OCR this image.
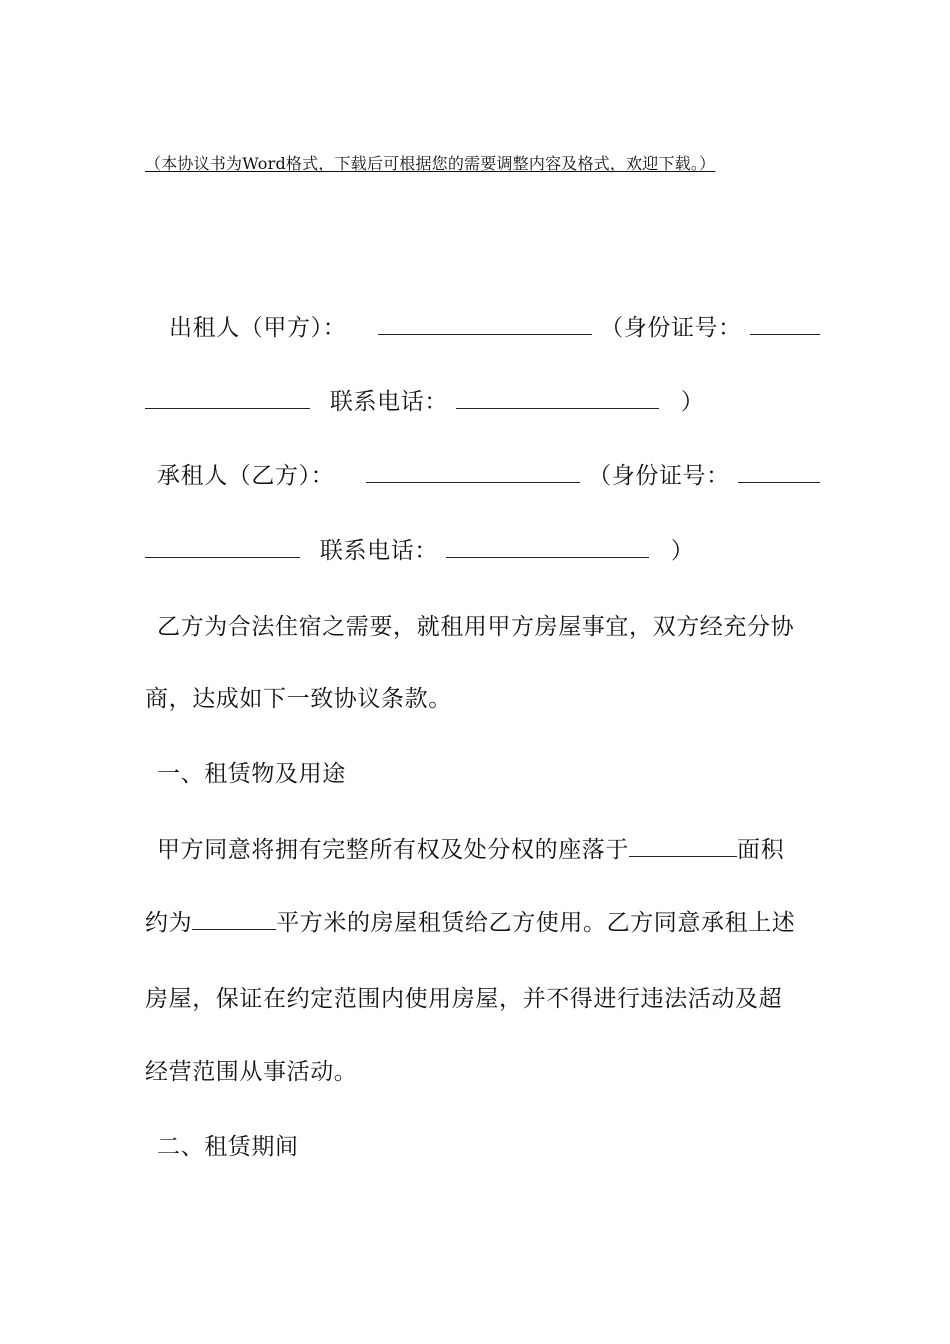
（本协议书为Word格式，下载后可根据您的需要调整内容及格式，欢迎下载。）
出租人（甲方）：	（身份证号：
联系电话：	）
承租人（乙方）：	（身份证号：
联系电话：	）
乙方为合法住宿之需要，就租用甲方房屋事宜，双方经充分协
商，达成如下一致协议条款。
一、租赁物及用途
甲方同意将拥有完整所有权及处分权的座落于	面积
约为	平方米的房屋租赁给乙方使用。乙方同意承租上述
房屋，保证在约定范围内使用房屋，并不得进行违法活动及超
经营范围从事活动。
二、租赁期间
